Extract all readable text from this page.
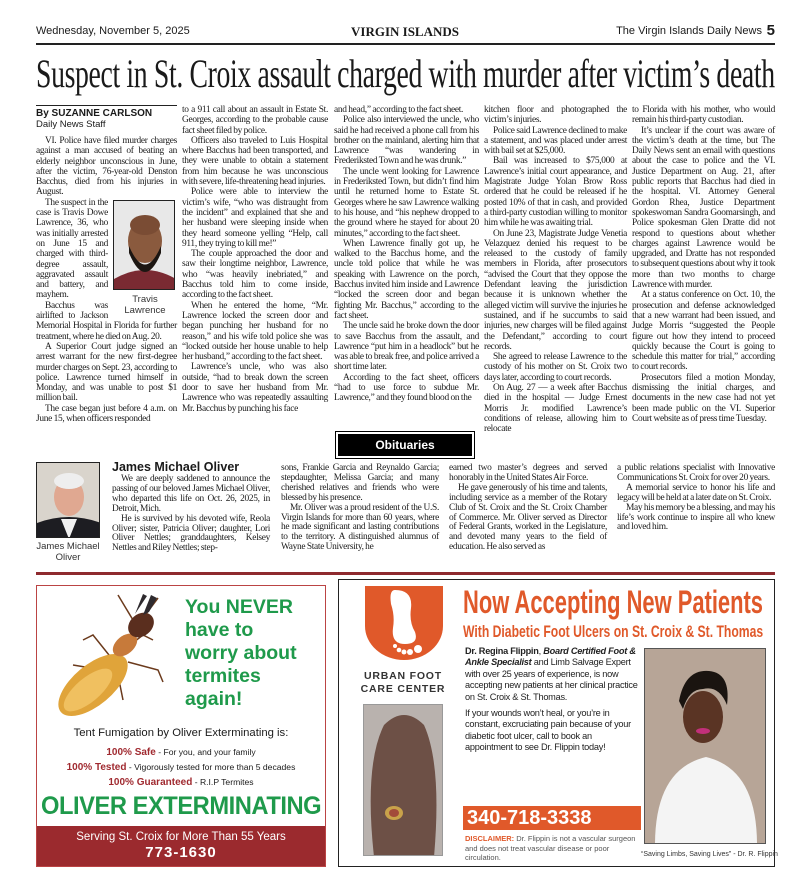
Wednesday, November 5, 2025	VIRGIN ISLANDS	The Virgin Islands Daily News 5
Suspect in St. Croix assault charged with murder after victim’s death
By SUZANNE CARLSON
Daily News Staff

VI. Police have filed murder charges against a man accused of beating an elderly neighbor unconscious in June, after the victim, 76-year-old Denston Bacchus, died from his injuries in August.

Travis Lawrence

The suspect in the case is Travis Dowe Lawrence, 36, who was initially arrested on June 15 and charged with third-degree assault, aggravated assault and battery, and mayhem.

Bacchus was airlifted to Jackson Memorial Hospital in Florida for further treatment, where he died on Aug. 20.

A Superior Court judge signed an arrest warrant for the new first-degree murder charges on Sept. 23, according to police. Lawrence turned himself in Monday, and was unable to post $1 million bail.

The case began just before 4 a.m. on June 15, when officers responded

to a 911 call about an assault in Estate St. Georges, according to the probable cause fact sheet filed by police.

Officers also traveled to Luis Hospital where Bacchus had been transported, and they were unable to obtain a statement from him because he was unconscious with severe, life-threatening head injuries.

Police were able to interview the victim’s wife, “who was distraught from the incident” and explained that she and her husband were sleeping inside when they heard someone yelling “Help, call 911, they trying to kill me!”

The couple approached the door and saw their longtime neighbor, Lawrence, who “was heavily inebriated,” and Bacchus told him to come inside, according to the fact sheet.

When he entered the home, “Mr. Lawrence locked the screen door and began punching her husband for no reason,” and his wife told police she was “locked outside her house unable to help her husband,” according to the fact sheet.

Lawrence’s uncle, who was also outside, “had to break down the screen door to save her husband from Mr. Lawrence who was repeatedly assaulting Mr. Bacchus by punching his face

and head,” according to the fact sheet.

Police also interviewed the uncle, who said he had received a phone call from his brother on the mainland, alerting him that Lawrence “was wandering in Frederiksted Town and he was drunk.”

The uncle went looking for Lawrence in Frederiksted Town, but didn’t find him until he returned home to Estate St. Georges where he saw Lawrence walking to his house, and “his nephew dropped to the ground where he stayed for about 20 minutes,” according to the fact sheet.

When Lawrence finally got up, he walked to the Bacchus home, and the uncle told police that while he was speaking with Lawrence on the porch, Bacchus invited him inside and Lawrence “locked the screen door and began fighting Mr. Bacchus,” according to the fact sheet.

The uncle said he broke down the door to save Bacchus from the assault, and Lawrence “put him in a headlock” but he was able to break free, and police arrived a short time later.

According to the fact sheet, officers “had to use force to subdue Mr. Lawrence,” and they found blood on the

kitchen floor and photographed the victim’s injuries.

Police said Lawrence declined to make a statement, and was placed under arrest with bail set at $25,000.

Bail was increased to $75,000 at Lawrence’s initial court appearance, and Magistrate Judge Yolan Brow Ross ordered that he could be released if he posted 10% of that in cash, and provided a third-party custodian willing to monitor him while he was awaiting trial.

On June 23, Magistrate Judge Venetia Velazquez denied his request to be released to the custody of family members in Florida, after prosecutors “advised the Court that they oppose the Defendant leaving the jurisdiction because it is unknown whether the alleged victim will survive the injuries he sustained, and if he succumbs to said injuries, new charges will be filed against the Defendant,” according to court records.

She agreed to release Lawrence to the custody of his mother on St. Croix two days later, according to court records.

On Aug. 27 — a week after Bacchus died in the hospital — Judge Ernest Morris Jr. modified Lawrence’s conditions of release, allowing him to relocate

to Florida with his mother, who would remain his third-party custodian.

It’s unclear if the court was aware of the victim’s death at the time, but The Daily News sent an email with questions about the case to police and the VI. Justice Department on Aug. 21, after public reports that Bacchus had died in the hospital. VI. Attorney General Gordon Rhea, Justice Department spokeswoman Sandra Goomarsingh, and Police spokesman Glen Dratte did not respond to questions about whether charges against Lawrence would be upgraded, and Dratte has not responded to subsequent questions about why it took more than two months to charge Lawrence with murder.

At a status conference on Oct. 10, the prosecution and defense acknowledged that a new warrant had been issued, and Judge Morris “suggested the People figure out how they intend to proceed quickly because the Court is going to schedule this matter for trial,” according to court records.

Prosecutors filed a motion Monday, dismissing the initial charges, and documents in the new case had not yet been made public on the VI. Superior Court website as of press time Tuesday.

Obituaries
James Michael Oliver
James Michael Oliver

We are deeply saddened to announce the passing of our beloved James Michael Oliver, who departed this life on Oct. 26, 2025, in Detroit, Mich.

He is survived by his devoted wife, Reola Oliver; sister, Patricia Oliver; daughter, Lori Oliver Nettles; granddaughters, Kelsey Nettles and Riley Nettles; step-

sons, Frankie Garcia and Reynaldo Garcia; stepdaughter, Melissa Garcia; and many cherished relatives and friends who were blessed by his presence.

Mr. Oliver was a proud resident of the U.S. Virgin Islands for more than 60 years, where he made significant and lasting contributions to the territory. A distinguished alumnus of Wayne State University, he

earned two master’s degrees and served honorably in the United States Air Force.

He gave generously of his time and talents, including service as a member of the Rotary Club of St. Croix and the St. Croix Chamber of Commerce. Mr. Oliver served as Director of Federal Grants, worked in the Legislature, and devoted many years to the field of education. He also served as

a public relations specialist with Innovative Communications St. Croix for over 20 years.

A memorial service to honor his life and legacy will be held at a later date on St. Croix.

May his memory be a blessing, and may his life’s work continue to inspire all who knew and loved him.

You NEVER
have to
worry about
termites
again!
Tent Fumigation by Oliver Exterminating is:
100% Safe - For you, and your family
100% Tested - Vigorously tested for more than 5 decades
100% Guaranteed - R.I.P Termites
OLIVER EXTERMINATING
Serving St. Croix for More Than 55 Years
773-1630
URBAN FOOT
CARE CENTER
Now Accepting New Patients
With Diabetic Foot Ulcers on St. Croix & St. Thomas

Dr. Regina Flippin, Board Certified Foot & Ankle Specialist and Limb Salvage Expert with over 25 years of experience, is now accepting new patients at her clinical practice on St. Croix & St. Thomas.

If your wounds won’t heal, or you’re in constant, excruciating pain because of your diabetic foot ulcer, call to book an appointment to see Dr. Flippin today!

340-718-3338
DISCLAIMER: Dr. Flippin is not a vascular surgeon and does not treat vascular disease or poor circulation.	“Saving Limbs, Saving Lives” - Dr. R. Flippin
